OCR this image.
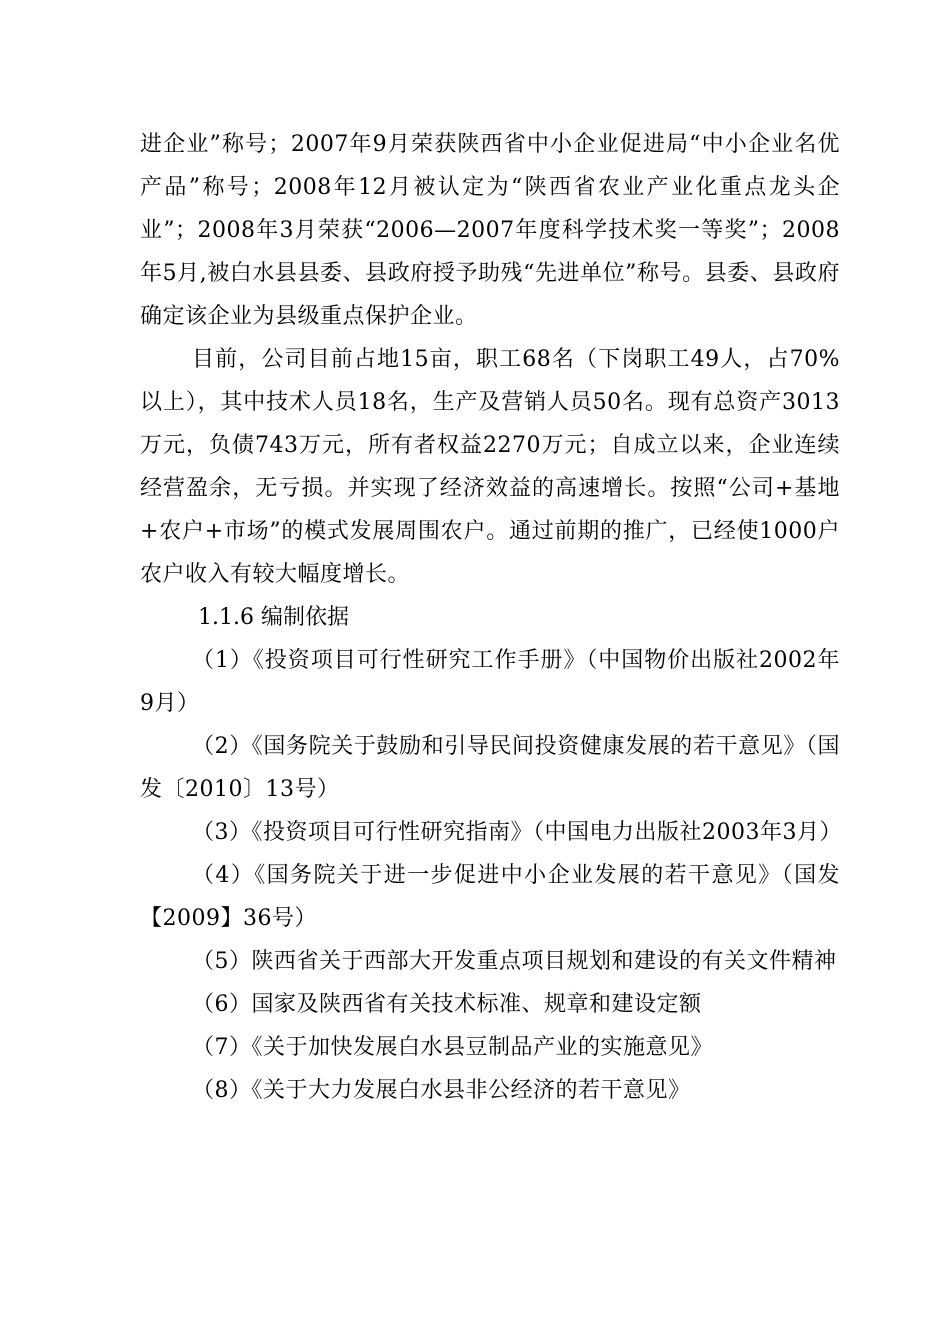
进企业”称号；2007年9月荣获陕西省中小企业促进局“中小企业名优产品”称号；2008年12月被认定为“陕西省农业产业化重点龙头企业”；2008年3月荣获“2006—2007年度科学技术奖一等奖”；2008年5月,被白水县县委、县政府授予助残“先进单位”称号。县委、县政府确定该企业为县级重点保护企业。

目前，公司目前占地15亩，职工68名（下岗职工49人，占70%以上），其中技术人员18名，生产及营销人员50名。现有总资产3013万元，负债743万元，所有者权益2270万元；自成立以来，企业连续经营盈余，无亏损。并实现了经济效益的高速增长。按照“公司+基地+农户+市场”的模式发展周围农户。通过前期的推广，已经使1000户农户收入有较大幅度增长。

1.1.6 编制依据

（1）《投资项目可行性研究工作手册》（中国物价出版社2002年9月）

（2）《国务院关于鼓励和引导民间投资健康发展的若干意见》（国发〔2010〕13号）

（3）《投资项目可行性研究指南》（中国电力出版社2003年3月）

（4）《国务院关于进一步促进中小企业发展的若干意见》（国发【2009】36号）

（5）陕西省关于西部大开发重点项目规划和建设的有关文件精神

（6）国家及陕西省有关技术标准、规章和建设定额

（7）《关于加快发展白水县豆制品产业的实施意见》

（8）《关于大力发展白水县非公经济的若干意见》
